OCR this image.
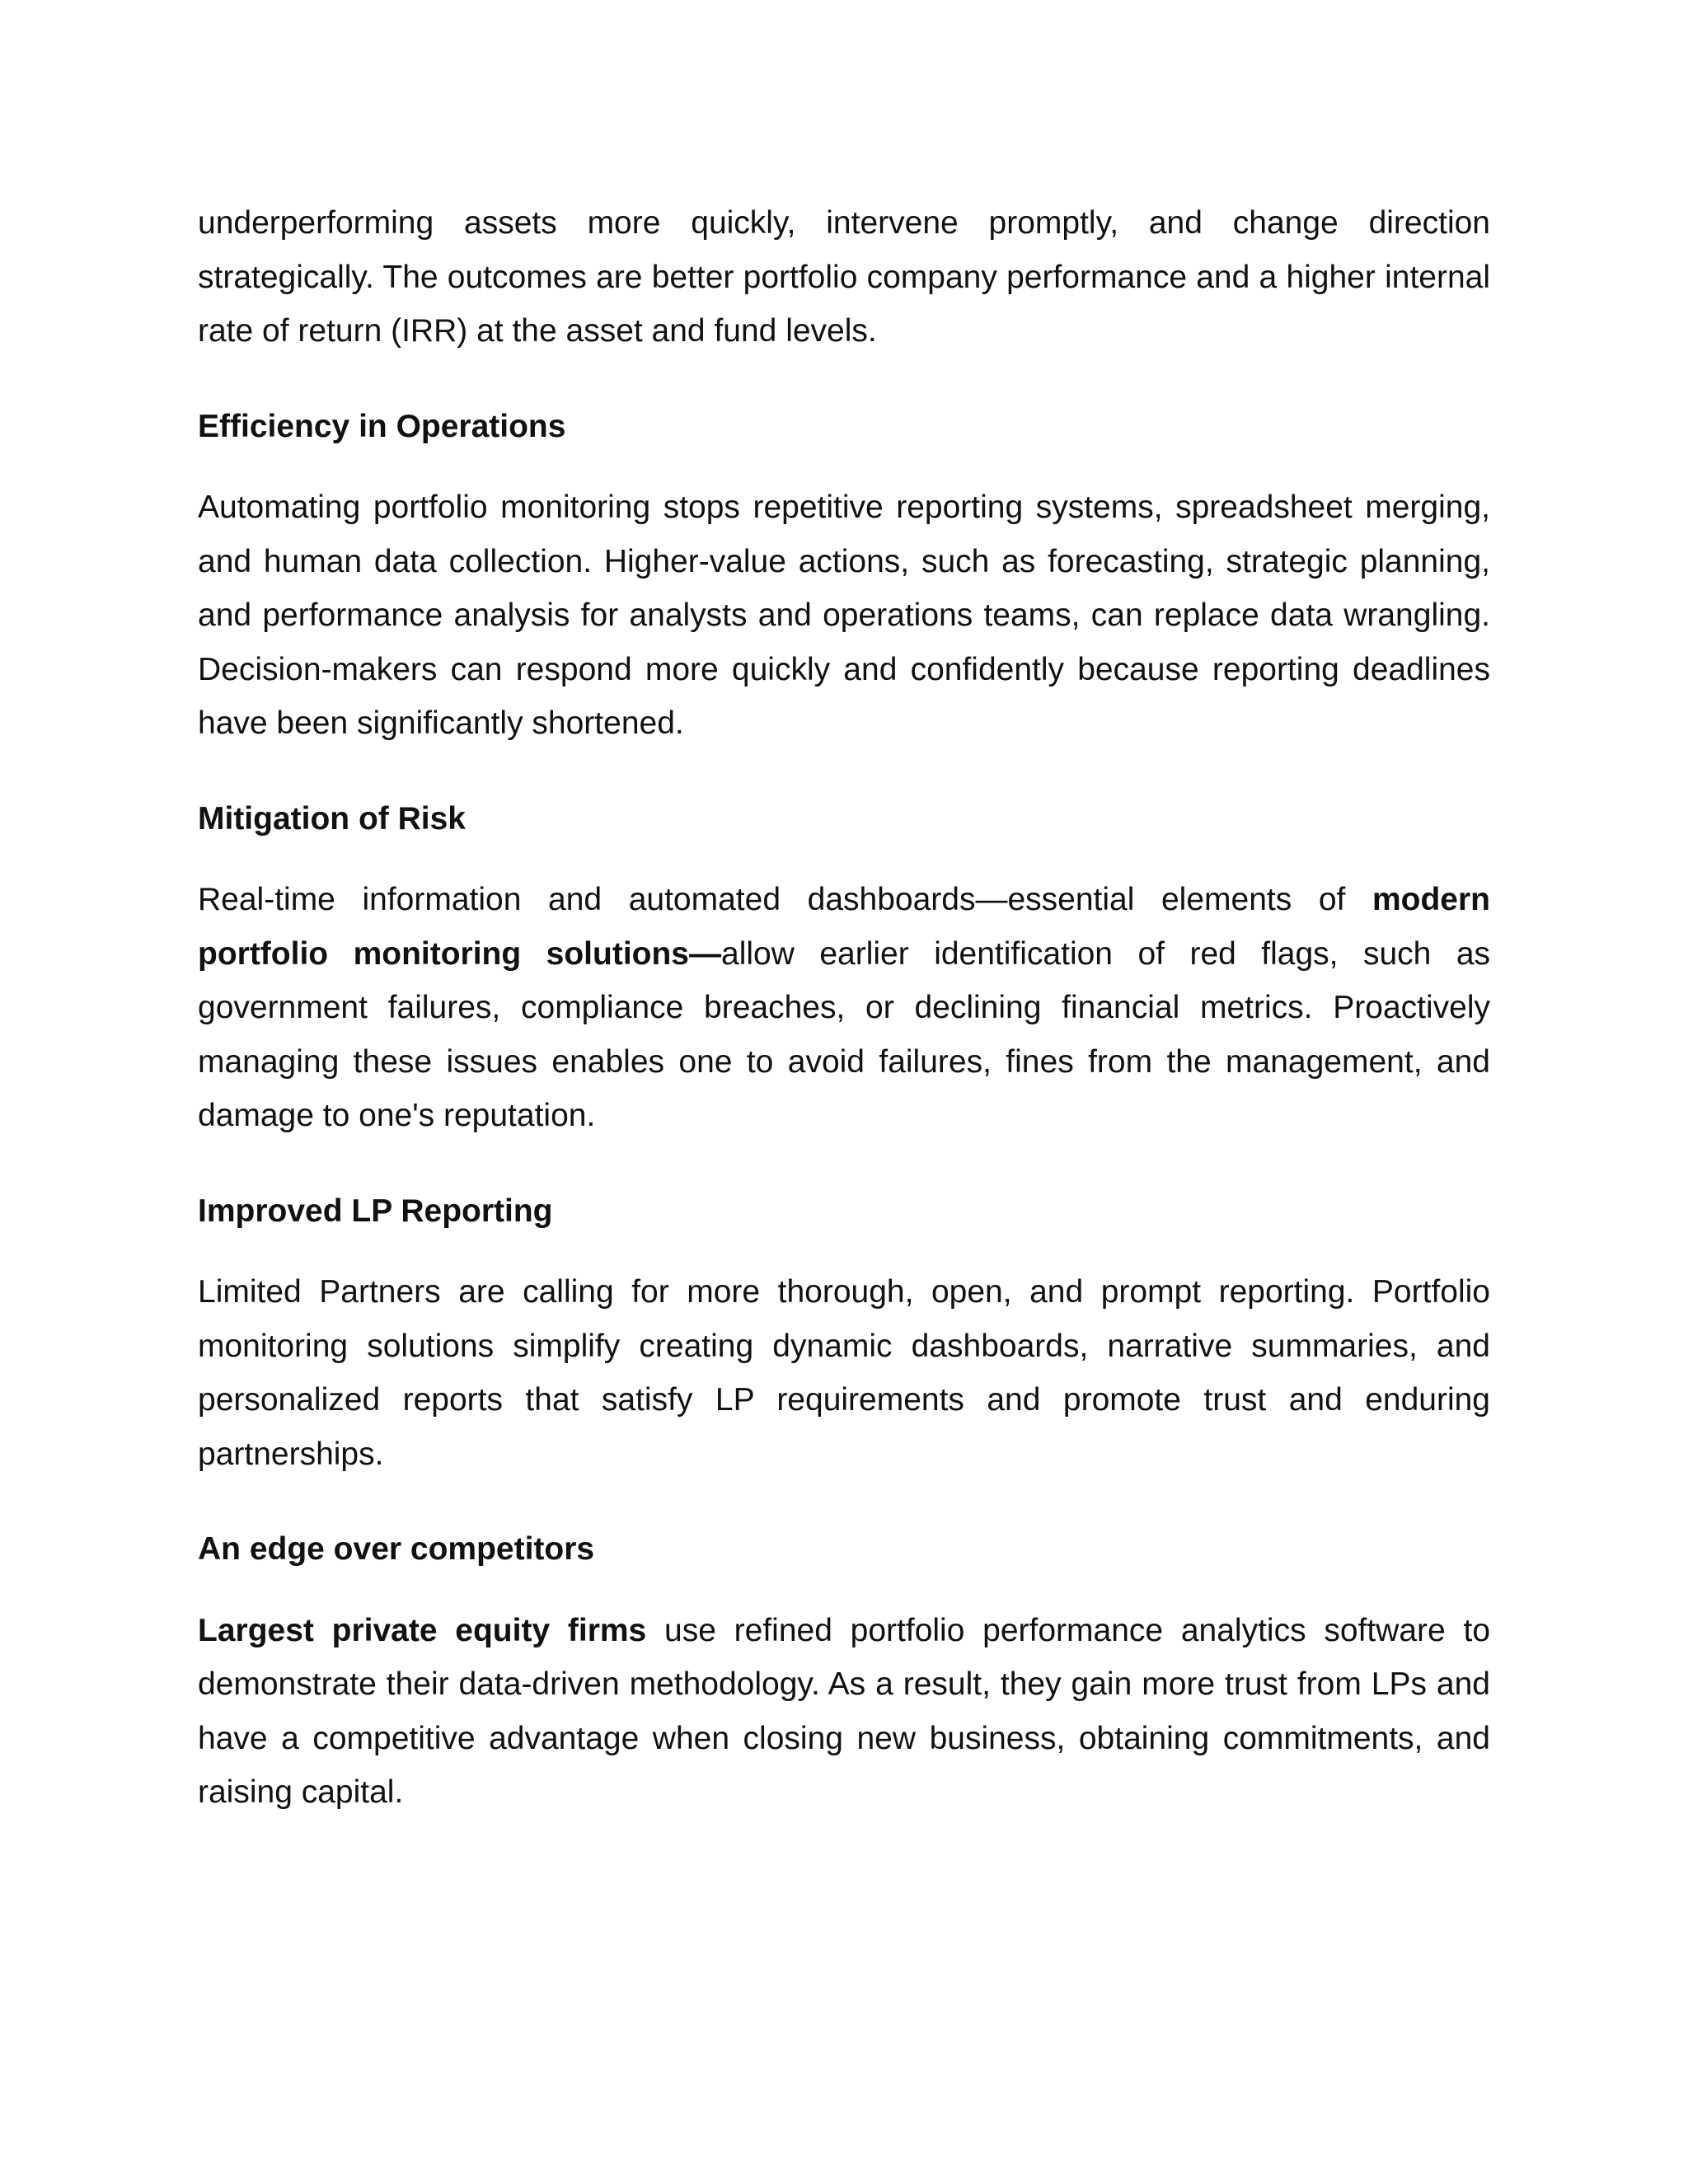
underperforming assets more quickly, intervene promptly, and change direction strategically. The outcomes are better portfolio company performance and a higher internal rate of return (IRR) at the asset and fund levels.

Efficiency in Operations

Automating portfolio monitoring stops repetitive reporting systems, spreadsheet merging, and human data collection. Higher-value actions, such as forecasting, strategic planning, and performance analysis for analysts and operations teams, can replace data wrangling. Decision-makers can respond more quickly and confidently because reporting deadlines have been significantly shortened.

Mitigation of Risk

Real-time information and automated dashboards—essential elements of modern portfolio monitoring solutions—allow earlier identification of red flags, such as government failures, compliance breaches, or declining financial metrics. Proactively managing these issues enables one to avoid failures, fines from the management, and damage to one's reputation.

Improved LP Reporting

Limited Partners are calling for more thorough, open, and prompt reporting. Portfolio monitoring solutions simplify creating dynamic dashboards, narrative summaries, and personalized reports that satisfy LP requirements and promote trust and enduring partnerships.

An edge over competitors

Largest private equity firms use refined portfolio performance analytics software to demonstrate their data-driven methodology. As a result, they gain more trust from LPs and have a competitive advantage when closing new business, obtaining commitments, and raising capital.
